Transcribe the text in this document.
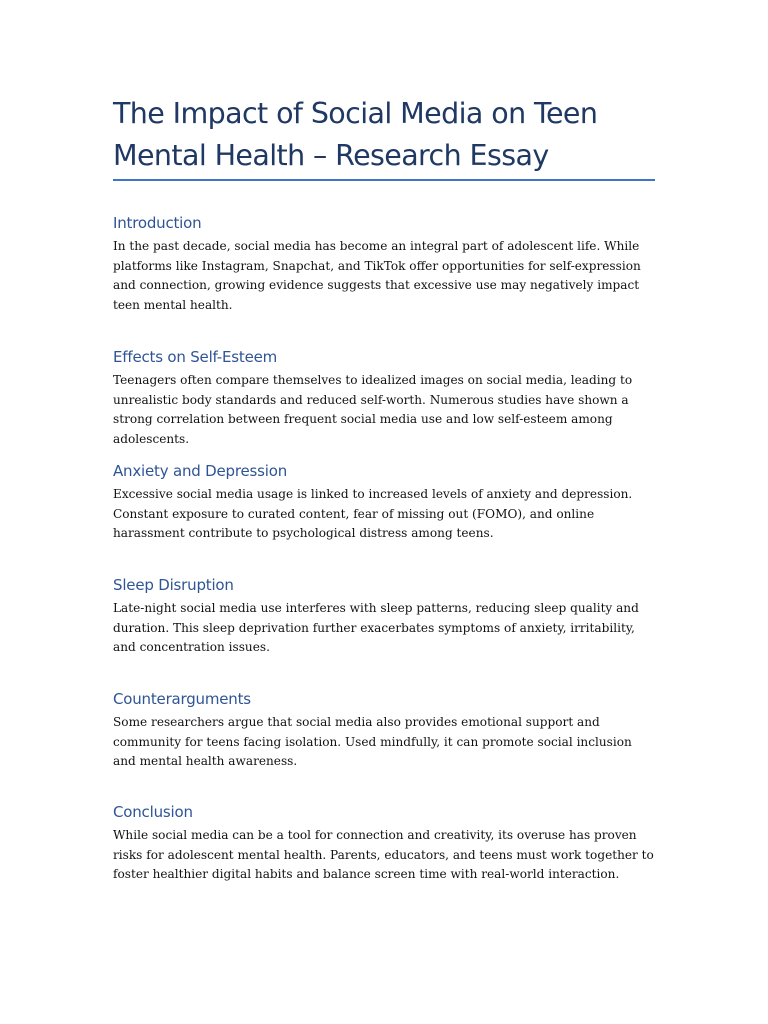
The Impact of Social Media on Teen Mental Health – Research Essay
Introduction

In the past decade, social media has become an integral part of adolescent life. While platforms like Instagram, Snapchat, and TikTok offer opportunities for self-expression and connection, growing evidence suggests that excessive use may negatively impact teen mental health.

Effects on Self-Esteem

Teenagers often compare themselves to idealized images on social media, leading to unrealistic body standards and reduced self-worth. Numerous studies have shown a strong correlation between frequent social media use and low self-esteem among adolescents.

Anxiety and Depression

Excessive social media usage is linked to increased levels of anxiety and depression. Constant exposure to curated content, fear of missing out (FOMO), and online harassment contribute to psychological distress among teens.

Sleep Disruption

Late-night social media use interferes with sleep patterns, reducing sleep quality and duration. This sleep deprivation further exacerbates symptoms of anxiety, irritability, and concentration issues.

Counterarguments

Some researchers argue that social media also provides emotional support and community for teens facing isolation. Used mindfully, it can promote social inclusion and mental health awareness.

Conclusion

While social media can be a tool for connection and creativity, its overuse has proven risks for adolescent mental health. Parents, educators, and teens must work together to foster healthier digital habits and balance screen time with real-world interaction.
